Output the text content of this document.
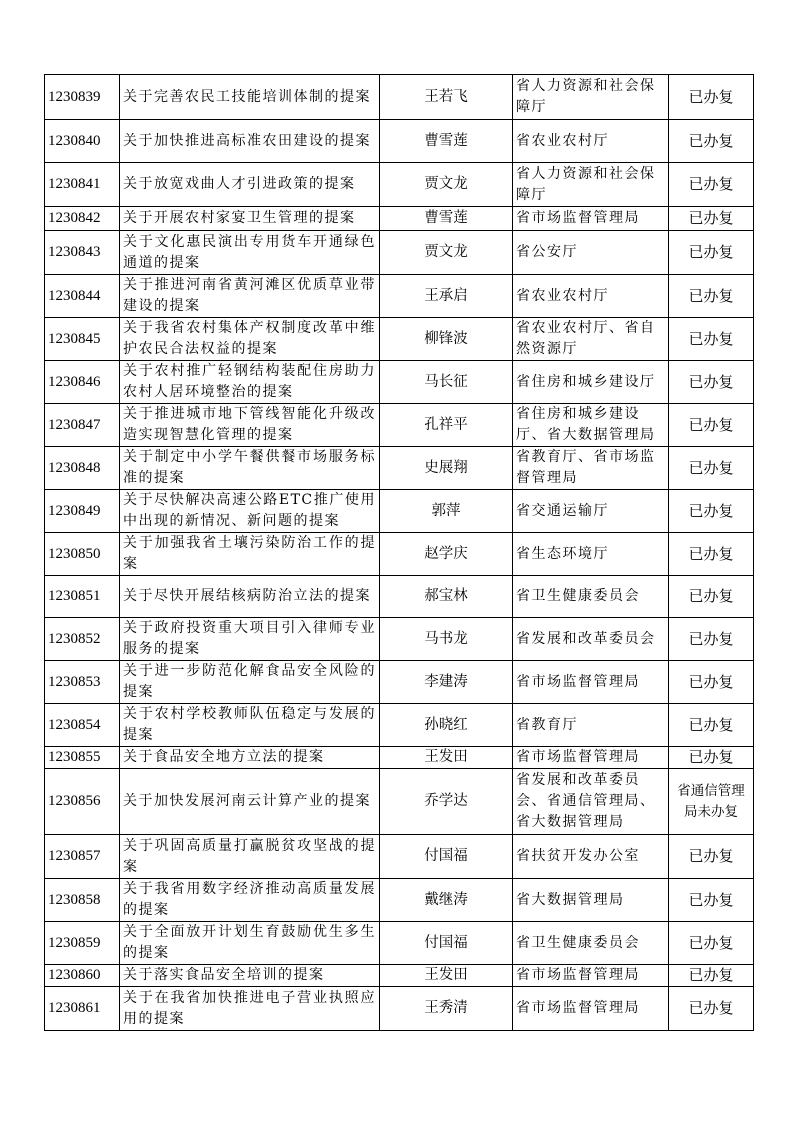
1230839	关于完善农民工技能培训体制的提案	王若飞	省人力资源和社会保障厅	已办复
1230840	关于加快推进高标准农田建设的提案	曹雪莲	省农业农村厅	已办复
1230841	关于放宽戏曲人才引进政策的提案	贾文龙	省人力资源和社会保障厅	已办复
1230842	关于开展农村家宴卫生管理的提案	曹雪莲	省市场监督管理局	已办复
1230843	关于文化惠民演出专用货车开通绿色通道的提案	贾文龙	省公安厅	已办复
1230844	关于推进河南省黄河滩区优质草业带建设的提案	王承启	省农业农村厅	已办复
1230845	关于我省农村集体产权制度改革中维护农民合法权益的提案	柳锋波	省农业农村厅、省自然资源厅	已办复
1230846	关于农村推广轻钢结构装配住房助力农村人居环境整治的提案	马长征	省住房和城乡建设厅	已办复
1230847	关于推进城市地下管线智能化升级改造实现智慧化管理的提案	孔祥平	省住房和城乡建设厅、省大数据管理局	已办复
1230848	关于制定中小学午餐供餐市场服务标准的提案	史展翔	省教育厅、省市场监督管理局	已办复
1230849	关于尽快解决高速公路ETC推广使用中出现的新情况、新问题的提案	郭萍	省交通运输厅	已办复
1230850	关于加强我省土壤污染防治工作的提案	赵学庆	省生态环境厅	已办复
1230851	关于尽快开展结核病防治立法的提案	郝宝林	省卫生健康委员会	已办复
1230852	关于政府投资重大项目引入律师专业服务的提案	马书龙	省发展和改革委员会	已办复
1230853	关于进一步防范化解食品安全风险的提案	李建涛	省市场监督管理局	已办复
1230854	关于农村学校教师队伍稳定与发展的提案	孙晓红	省教育厅	已办复
1230855	关于食品安全地方立法的提案	王发田	省市场监督管理局	已办复
1230856	关于加快发展河南云计算产业的提案	乔学达	省发展和改革委员会、省通信管理局、省大数据管理局	省通信管理局未办复
1230857	关于巩固高质量打赢脱贫攻坚战的提案	付国福	省扶贫开发办公室	已办复
1230858	关于我省用数字经济推动高质量发展的提案	戴继涛	省大数据管理局	已办复
1230859	关于全面放开计划生育鼓励优生多生的提案	付国福	省卫生健康委员会	已办复
1230860	关于落实食品安全培训的提案	王发田	省市场监督管理局	已办复
1230861	关于在我省加快推进电子营业执照应用的提案	王秀清	省市场监督管理局	已办复
